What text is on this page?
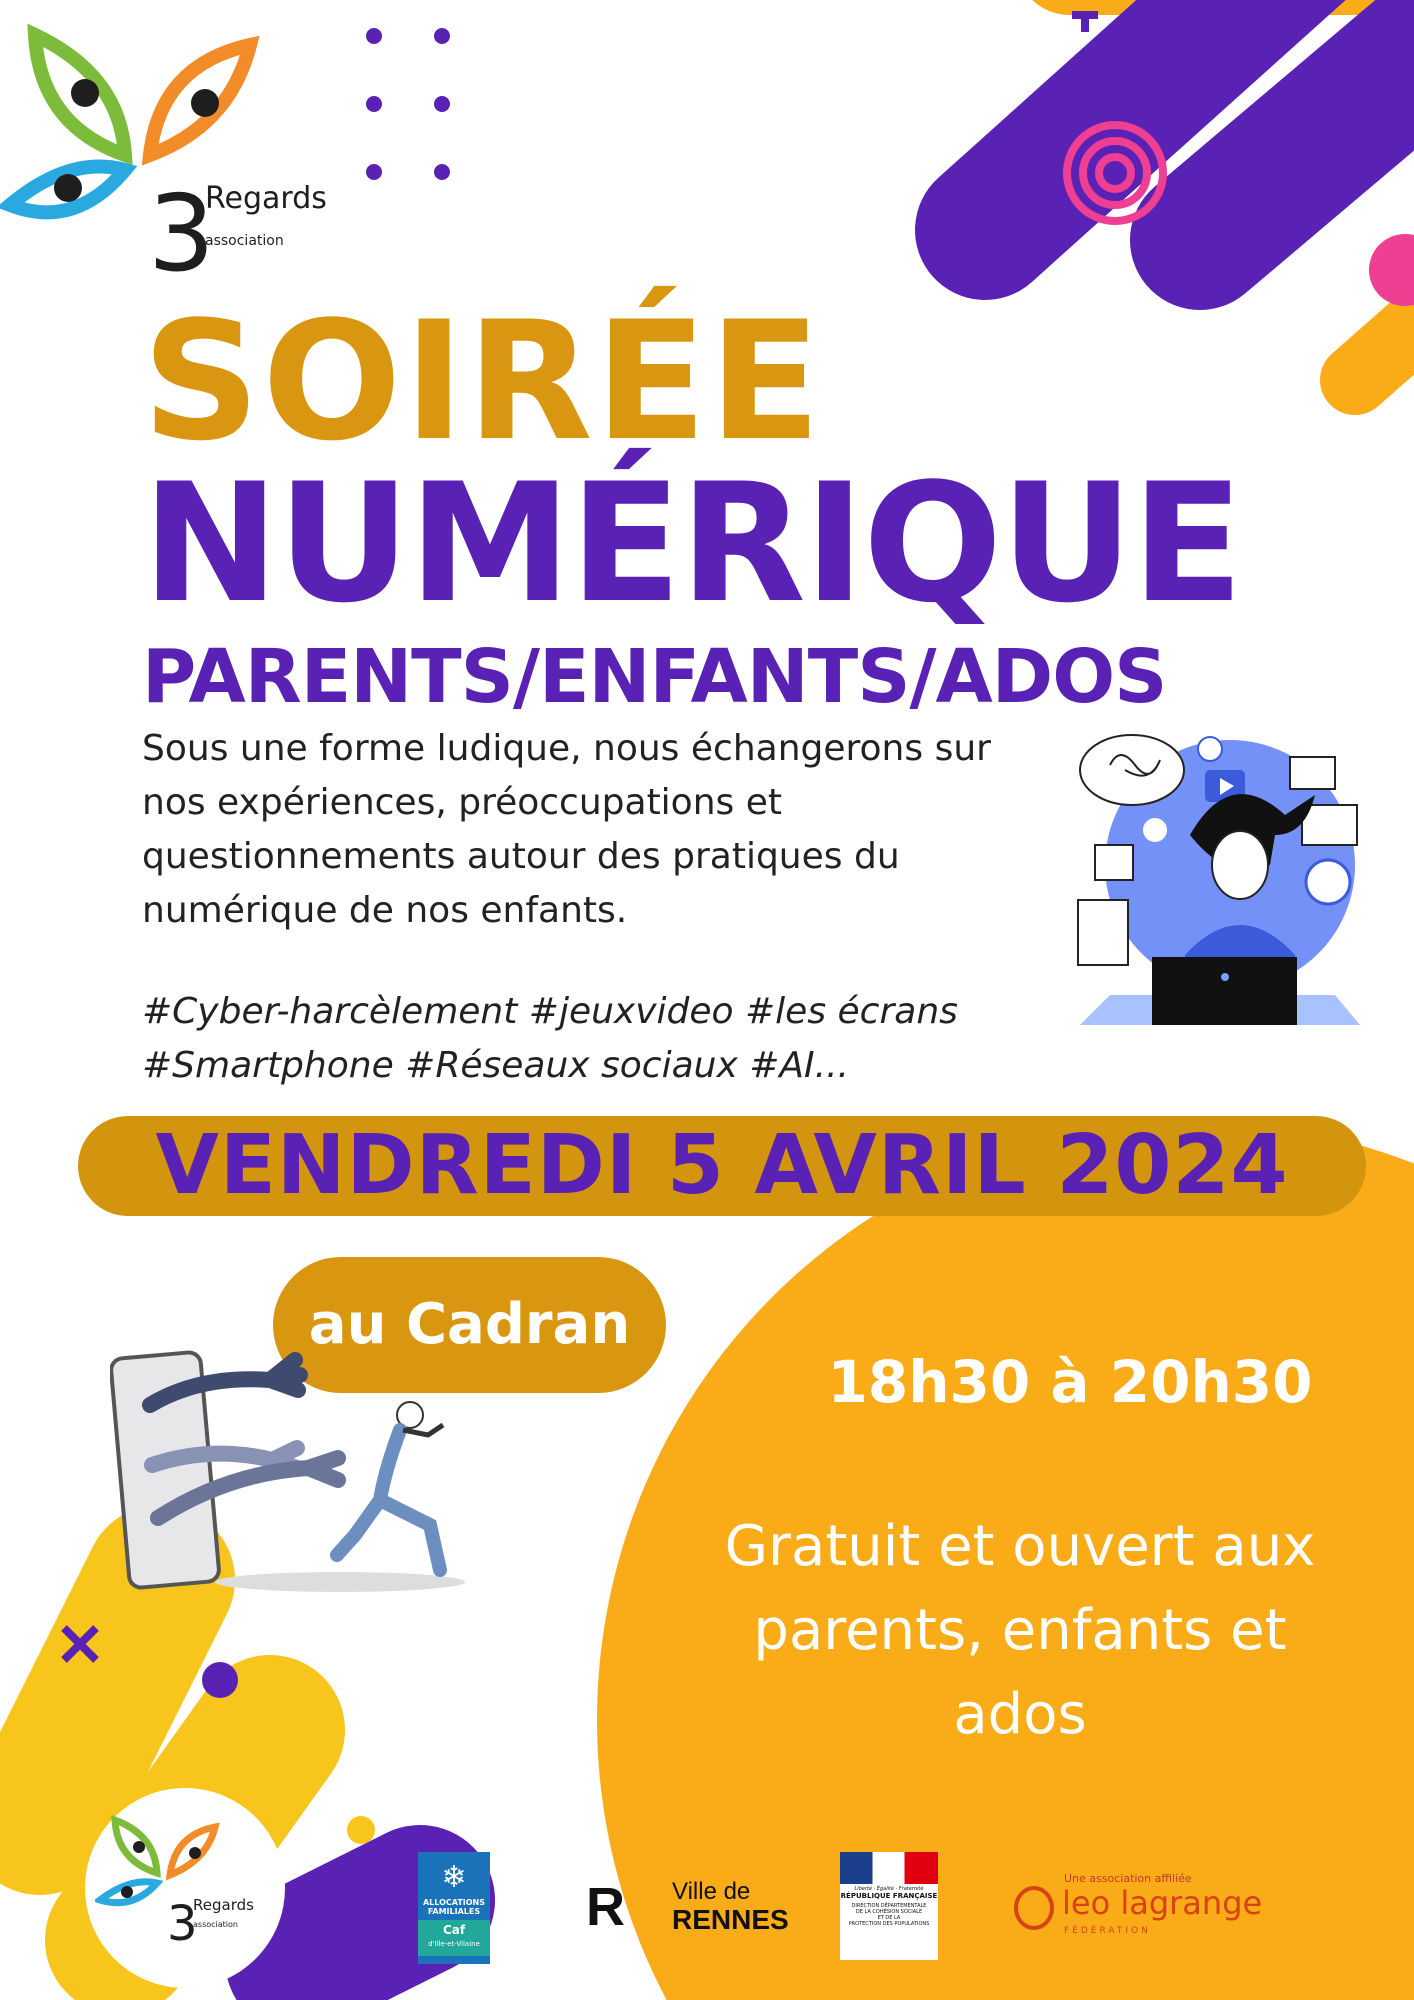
3
Regards
association
SOIRÉE
NUMÉRIQUE
PARENTS/ENFANTS/ADOS
Sous une forme ludique, nous échangerons sur
nos expériences, préoccupations et
questionnements autour des pratiques du
numérique de nos enfants.
#Cyber-harcèlement #jeuxvideo #les écrans
#Smartphone #Réseaux sociaux #AI...
VENDREDI 5 AVRIL 2024
au Cadran
18h30 à 20h30
Gratuit et ouvert aux
parents, enfants et
ados
3
Regards
association
❄
ALLOCATIONS
FAMILIALES
Caf
d'Ille-et-Vilaine
R Ville de
RENNES
Liberté · Égalité · Fraternité
RÉPUBLIQUE FRANÇAISE
DIRECTION DÉPARTEMENTALE
DE LA COHÉSION SOCIALE
ET DE LA
PROTECTION DES POPULATIONS
Une association affiliée
leo lagrange
FÉDÉRATION
